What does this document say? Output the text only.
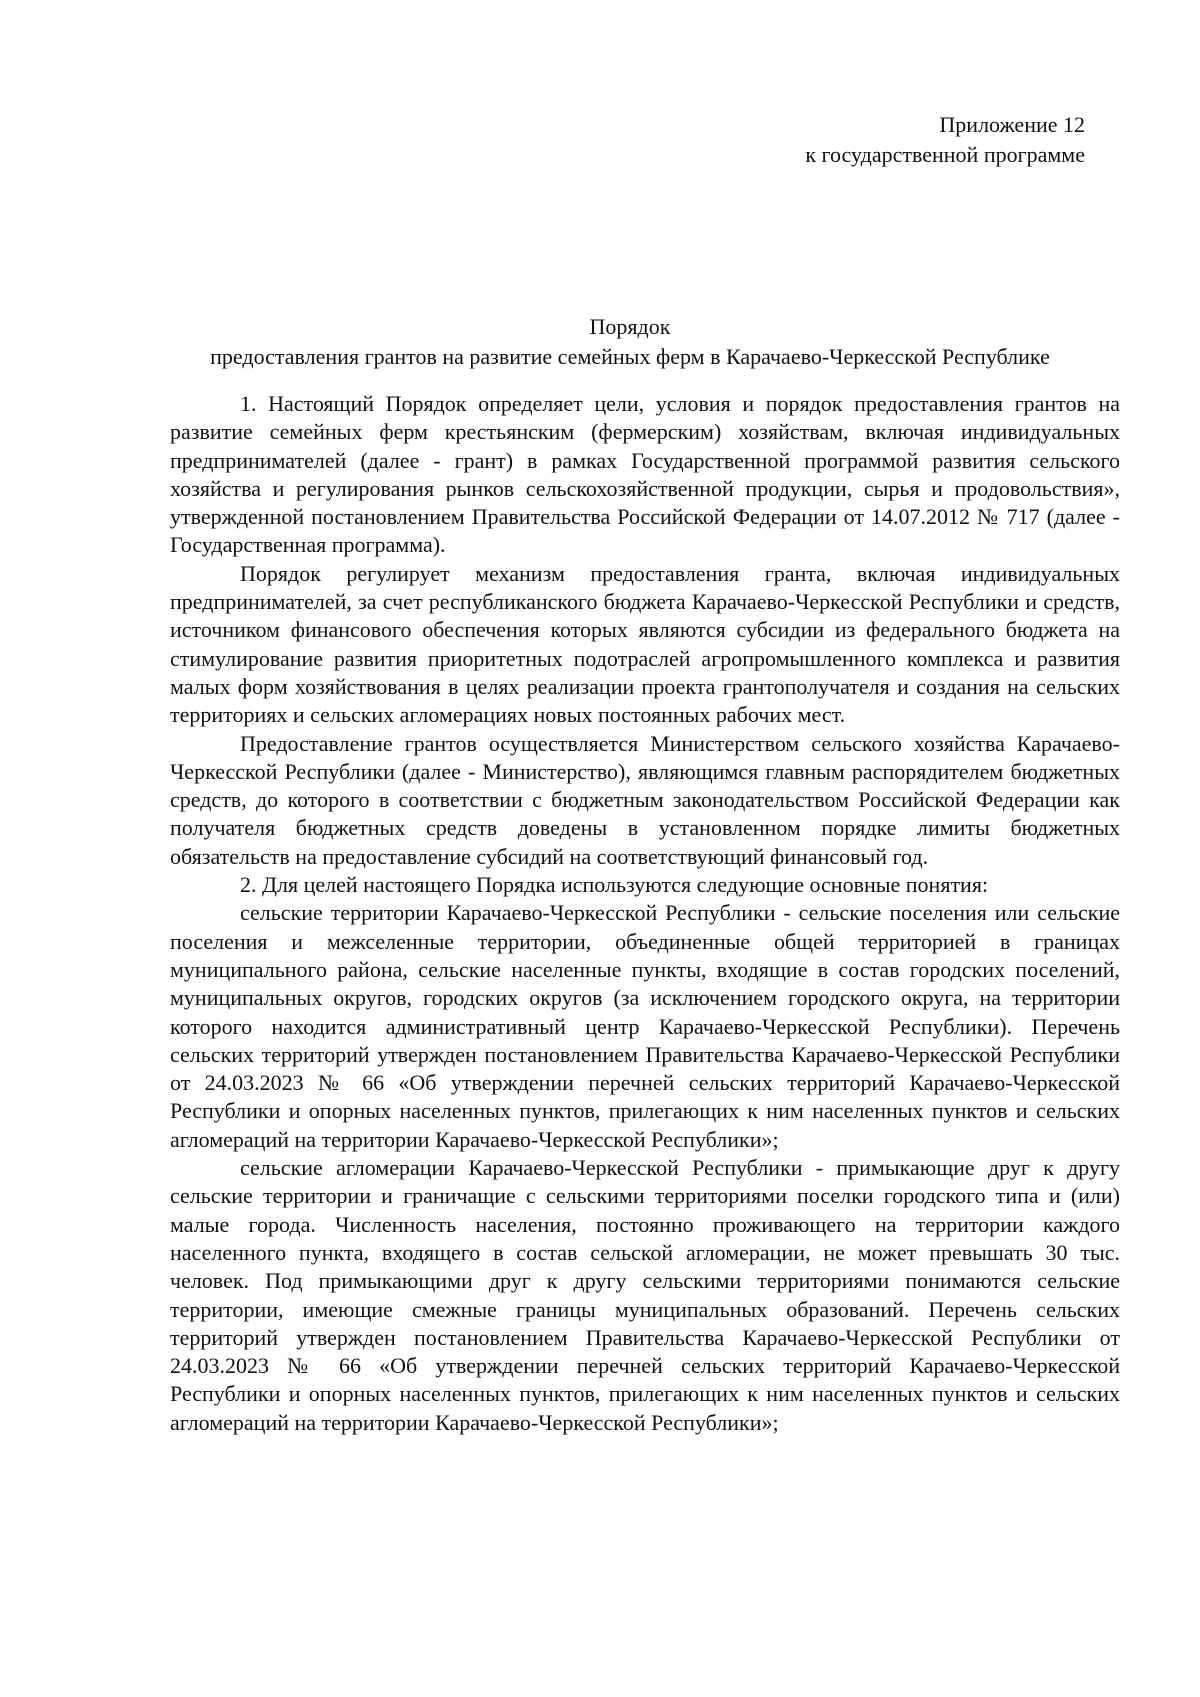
Приложение 12
к государственной программе
Порядок
предоставления грантов на развитие семейных ферм в Карачаево-Черкесской Республике

1. Настоящий Порядок определяет цели, условия и порядок предоставления грантов на развитие семейных ферм крестьянским (фермерским) хозяйствам, включая индивидуальных предпринимателей (далее - грант) в рамках Государственной программой развития сельского хозяйства и регулирования рынков сельскохозяйственной продукции, сырья и продовольствия», утвержденной постановлением Правительства Российской Федерации от 14.07.2012 № 717 (далее - Государственная программа).

Порядок регулирует механизм предоставления гранта, включая индивидуальных предпринимателей, за счет республиканского бюджета Карачаево-Черкесской Республики и средств, источником финансового обеспечения которых являются субсидии из федерального бюджета на стимулирование развития приоритетных подотраслей агропромышленного комплекса и развития малых форм хозяйствования в целях реализации проекта грантополучателя и создания на сельских территориях и сельских агломерациях новых постоянных рабочих мест.

Предоставление грантов осуществляется Министерством сельского хозяйства Карачаево-Черкесской Республики (далее - Министерство), являющимся главным распорядителем бюджетных средств, до которого в соответствии с бюджетным законодательством Российской Федерации как получателя бюджетных средств доведены в установленном порядке лимиты бюджетных обязательств на предоставление субсидий на соответствующий финансовый год.

2. Для целей настоящего Порядка используются следующие основные понятия:

сельские территории Карачаево-Черкесской Республики - сельские поселения или сельские поселения и межселенные территории, объединенные общей территорией в границах муниципального района, сельские населенные пункты, входящие в состав городских поселений, муниципальных округов, городских округов (за исключением городского округа, на территории которого находится административный центр Карачаево-Черкесской Республики). Перечень сельских территорий утвержден постановлением Правительства Карачаево-Черкесской Республики от 24.03.2023 № 66 «Об утверждении перечней сельских территорий Карачаево-Черкесской Республики и опорных населенных пунктов, прилегающих к ним населенных пунктов и сельских агломераций на территории Карачаево-Черкесской Республики»;

сельские агломерации Карачаево-Черкесской Республики - примыкающие друг к другу сельские территории и граничащие с сельскими территориями поселки городского типа и (или) малые города. Численность населения, постоянно проживающего на территории каждого населенного пункта, входящего в состав сельской агломерации, не может превышать 30 тыс. человек. Под примыкающими друг к другу сельскими территориями понимаются сельские территории, имеющие смежные границы муниципальных образований. Перечень сельских территорий утвержден постановлением Правительства Карачаево-Черкесской Республики от 24.03.2023 № 66 «Об утверждении перечней сельских территорий Карачаево-Черкесской Республики и опорных населенных пунктов, прилегающих к ним населенных пунктов и сельских агломераций на территории Карачаево-Черкесской Республики»;
